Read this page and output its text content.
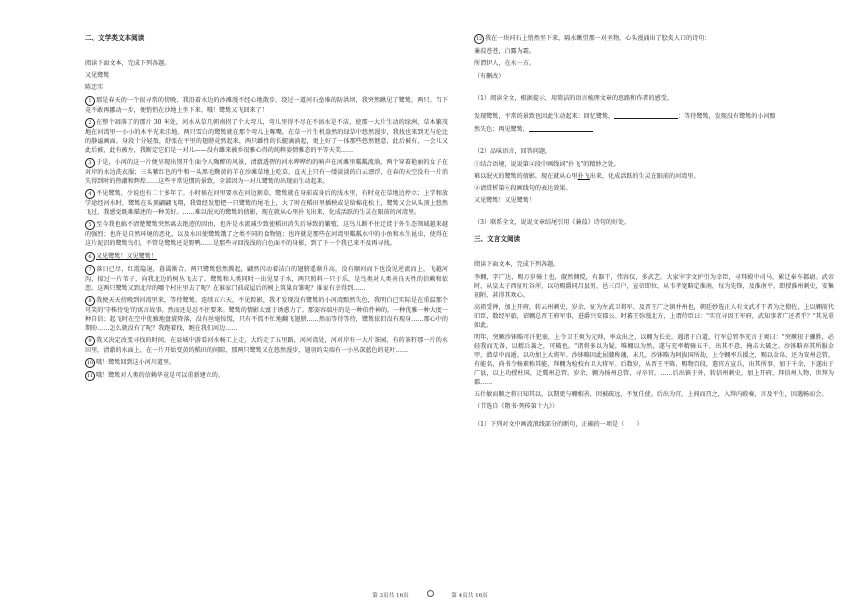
二、文学类文本阅读
阅读下面文本，完成下列各题。
又见鹭鸶
陈忠实
1 那是春天的一个很寻常的傍晚，我沿着水边的沙滩漫不经心地散步。绕过一道河石垒堆的防洪坝，我突然瞅见了鹭鸶，两只。当下竟不敢再挪动一步，便悄悄在沙地上坐下来。哦！鹭鸶又飞回来了！
2 在整个凋落了的那片 30 米处，河水从草几朝南拐了个大弯儿，弯儿里得不尽在不溶水是不洁，使那一大片生动的绿洲，草木繁茂地在河湾里一小小的木平光来洼地。两只雪白的鹭鸶就在那个弯儿上啄嘴，在草一片生机盎然的绿草中悠然漫步，我找也来到无与伦比的静谧画面。身段十分轻盈，舒张在平里的翅膀竟然起来，两只雌性的长腿滴淌起，更上好了一体那些悠然惬意，此后被有，一会儿又此后被，此有被左，我断定它们是一对儿——没有雌来被乡很雅心得的纯粹姿情雅态的平等天美……
3 于是，小河的这一片便呈现出别开生面令人陶醉的风景，清澈透碧的河水哗哗约的响声在河滩里粼粼流淌，两个穿着艳丽的女子在对岸的水边洗衣服；三头紫红色的牛和一头黑毛黝黄的羊在沙滩草地上吃草，直天上只有一缕淡淡的白云漂浮，在春的天空没有一片消失得到时的热潮和辉煌……这些平常见惯的景致，全部因为一对儿鹭鸶的出现而生动起来。
4 不见鹭鸶，少说也有二十多年了。小时候在河里要水在河边割草，鹭鸶就在身前或身后的浅水里，有时竟在草地边停立；上学和放学途经河水时，鹭鸶在头顶翩翩飞翔，我曾经发想把一只鹭鸶的尾毛上，大了时在稻田里插秧或是给棉花松土，鹭鸶又会从头顶上悠然飞过，我感觉既难描述的一种美好。……难以泯灭的鹭鸶的倩影，现在就从心里扑飞出来，化成活跃的生灵在眼前的河湾里。
5 至今我也搞不清楚鹭鸶突然离去绝迹的因由，也许是水流减少致使稻田消失后导致的繁殖，这鸟儿断不住迁徙于外生态领域越来越的强烈；也许是自然环境的恶化，以及水田使鹭鸶饿了之类不同的食物链；也许就是那些在河湾里粼粼水中的小鱼和水生昆虫，使得在这片泥沼的鹭鸶鸟们，不管是鹭鸶还是野鸭……是那些寻回浅浅的白色面不的身影，到了下一个我已来不及再寻找。
6 又见鹭鸶！又见鹭鸶！
7 落日已尽，红霞隐退，暮霭渐合。两只鹭鸶悠然腾起，翩然闪动着洁白的翅膀遥渐升高，没有顺河而下也没见逆流而上，飞越河沟，掠过一片苇子，向我北边的树丛飞去了。鹭鸶和人类同时一出见显于水，两只照料一只于乐，是鸟类对人类善良天性的信赖和依恋。这两只鹭鸶又到北岸的哪个村庄里去了呢？在谁家门前或屋后的树上筑巢育雏呢？谁家有幸得到……
8 我便天天傍晚到河湾里来，等待鹭鸶。连续五六天，不见踪影，我才发现没有鹭鸶的小河湾黯然失色，我明白已实际是在重温那个可笑的'守株待兔'的寓言故事。然而还是忍不住要来。鹭鸶的情影太富于诱惑力了。那姿容端庄的是一种伯件神的，一种优雅一种大度一种自信；起飞时在空中优雅地盘旋降落，没有丝毫惊慌，只有不慌不忙地翻飞翅膀……然而等待等待，鹭鸶依旧没有现身……那心中的期盼……怎么就没有了呢？我跑着找，跑在我们河边……
9 我又决定改变寻找的时间，在县城中游看河水畅工上走，大约走了五里路，河河湾处，河对岸有一大片茶园，有的茶籽那一片的水田里，清澈的水面上，在一片开始变黄的稻田的间隙，那两只鹭鸶又在悠然漫步，翅羽的尖端有一小丛深蓝色的花叶……
10 哦！鹭鸶回到这小河川道里。
11 哦！鹭鸶对人类的信赖毕竟是可以重新建立的。
12 我在一块河石上悄然坐下来，隔水瞅望那一对圣物，心头漫涌出了脍炙人口的诗句：
蒹葭苍苍，白露为霜。
所谓伊人，在水一方。
（有删改）
（1）阅读全文，根据提示，用简洁的语言梳理文章的思路和作者的感受。
发现鹭鸶，平常的景致也因此生动起来：回忆鹭鸶，	：等待鹭鸶，发现没有鹭鸶的小河黯
然失色；再见鹭鸶，
（2）品味语言，回答问题。
①结合语境，说说第④段中画线词"扑飞"的精妙之处。
难以泯灭的鹭鸶的倩影，现在就从心里扑飞出来，化成活跃的生灵在眼前的河湾里。
②请赏析第⑥段画线句的表达效果。
又见鹭鸶！又见鹭鸶！
（3）联系全文，说说文章结尾引用《蒹葭》诗句的好处。
三、文言文阅读
阅读下面文本，完成下列各题。
李翱，字广达，赐万岁骑士也，俶然倜傥，有器干，伟容仪，多武艺。大家宰字文护引为幸臣，寻拜殿中司马，累迁奉车都尉。武帝时，从皇太子西征吐谷浑，以功赐爵同昌县男，邑三百户，宣帝即位，从韦孝宽略定淮南，每为先锋，及淮南平，即授淮州刺史，安集初附，甚得其欢心。
高祖受禅，加上开府，转云州刺史，岁余，征为左武卫将军。及晋王广之镇并州也，朝廷妙选正人有文武才干者为之僚佐，上以翱前代旧臣，数经军旅，诏翱总晋王府军事，进爵兴安郡公。时蕃王弥漫北方，上谓侍臣曰："实宜寻因王军府，武知事者广还者乎？"其见重如此。
明年，突厥沙钵略可汗犯塞，上令卫王爽为元帅，率众出之，以翱为长史。遇诸于白道，行军总管李充言于爽曰："突厥狃于骤胜，必轻我而无备，以精兵袭之，可破也。"诸将多以为疑，唯翱以为然，遂与充率精骑五千，出其不意，掩击大破之。沙钵略弃其所服金甲，潜草中而遁。以功加上大将军。沙钵略因此屈膝称藩，未几，沙钵略为阿拔国所劫，上令翱率兵援之，赐以金帛，还为安州总管，有能名，尚书令杨素称其能，拜翱为检校右卫大将军。后数岁，从晋王平陈，赐物百段，遣官方宣兵，出其所事，加于千余，下遂出于广县，以上功授柱国，迁冀州总管。岁余，翱为扬州总管，寻卒官。……后出镇于外，转信州刺史，加上开府，拜信州人物，世拜为郡……
五什敏而顺之将日知其以，以期更与翱相善，因被疏远，不复任使。后出为宜，上间而召之，入拜内殿奏，言及平生，因遇畅而会。
（节选自《隋书·列传第十九》）
（1）下列对文中画波浪线部分的断句，正确的一项是（　　）
第 3页共 16页	第 4页共 16页
